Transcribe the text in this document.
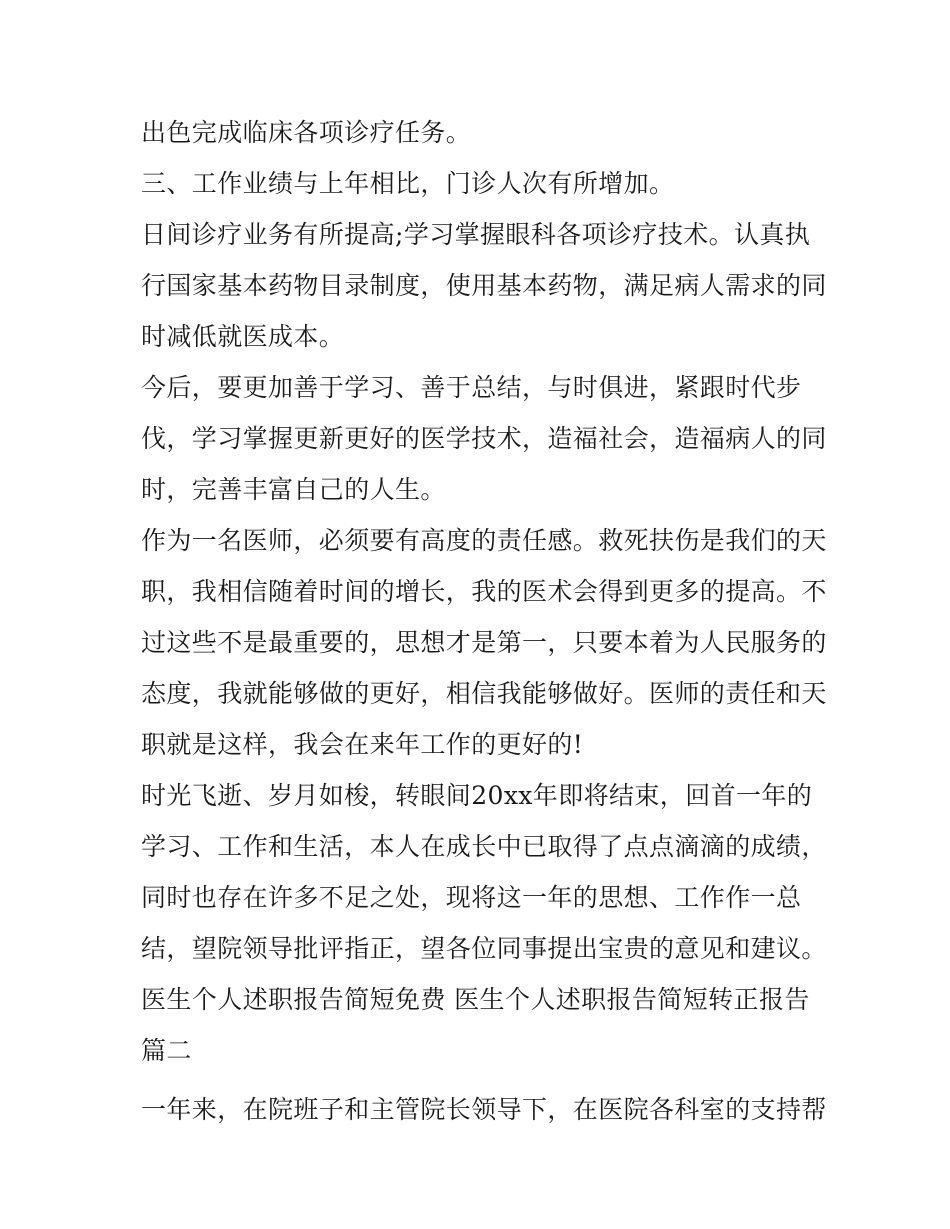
出色完成临床各项诊疗任务。
三、工作业绩与上年相比，门诊人次有所增加。
日间诊疗业务有所提高;学习掌握眼科各项诊疗技术。认真执
行国家基本药物目录制度，使用基本药物，满足病人需求的同
时减低就医成本。
今后，要更加善于学习、善于总结，与时俱进，紧跟时代步
伐，学习掌握更新更好的医学技术，造福社会，造福病人的同
时，完善丰富自己的人生。
作为一名医师，必须要有高度的责任感。救死扶伤是我们的天
职，我相信随着时间的增长，我的医术会得到更多的提高。不
过这些不是最重要的，思想才是第一，只要本着为人民服务的
态度，我就能够做的更好，相信我能够做好。医师的责任和天
职就是这样，我会在来年工作的更好的!
时光飞逝、岁月如梭，转眼间20xx年即将结束，回首一年的
学习、工作和生活，本人在成长中已取得了点点滴滴的成绩，
同时也存在许多不足之处，现将这一年的思想、工作作一总
结，望院领导批评指正，望各位同事提出宝贵的意见和建议。
医生个人述职报告简短免费 医生个人述职报告简短转正报告
篇二
一年来，在院班子和主管院长领导下，在医院各科室的支持帮
